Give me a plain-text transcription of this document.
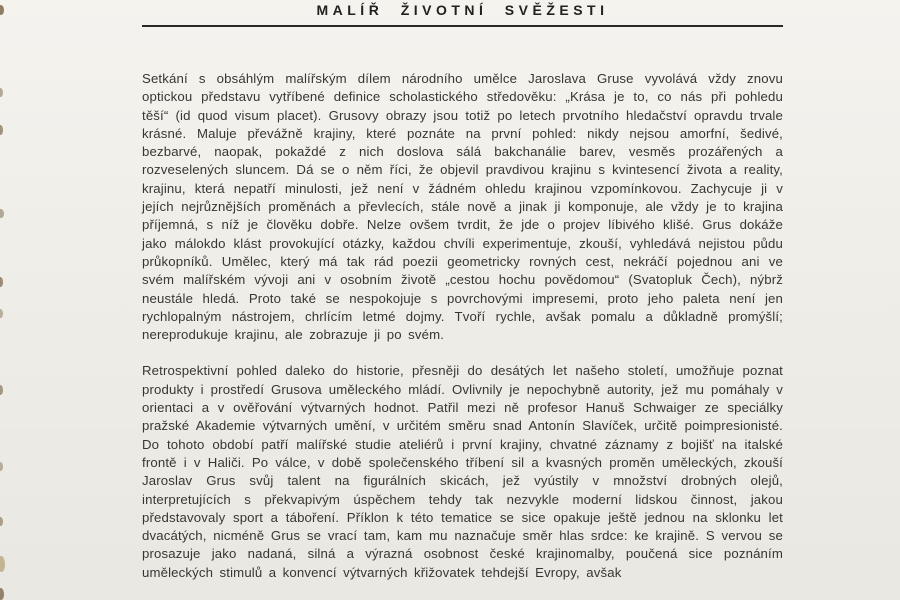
MALÍŘ ŽIVOTNÍ SVĚŽESTI

Setkání s obsáhlým malířským dílem národního umělce Jaroslava Gruse vyvolává vždy znovu optickou představu vytříbené definice scholastického středověku: „Krása je to, co nás při pohledu těší“ (id quod visum placet). Grusovy obrazy jsou totiž po letech prvotního hledačství opravdu trvale krásné. Maluje převážně krajiny, které poznáte na první pohled: nikdy nejsou amorfní, šedivé, bezbarvé, naopak, pokaždé z nich doslova sálá bakchanálie barev, vesměs prozářených a rozveselených sluncem. Dá se o něm říci, že objevil pravdivou krajinu s kvintesencí života a reality, krajinu, která nepatří minulosti, jež není v žádném ohledu krajinou vzpomínkovou. Zachycuje ji v jejích nejrůznějších proměnách a převlecích, stále nově a jinak ji komponuje, ale vždy je to krajina příjemná, s níž je člověku dobře. Nelze ovšem tvrdit, že jde o projev líbivého klišé. Grus dokáže jako málokdo klást provokující otázky, každou chvíli experimentuje, zkouší, vyhledává nejistou půdu průkopníků. Umělec, který má tak rád poezii geometricky rovných cest, nekráčí pojednou ani ve svém malířském vývoji ani v osobním životě „cestou hochu povědomou“ (Svatopluk Čech), nýbrž neustále hledá. Proto také se nespokojuje s povrchovými impresemi, proto jeho paleta není jen rychlopalným nástrojem, chrlícím letmé dojmy. Tvoří rychle, avšak pomalu a důkladně promýšlí; nereprodukuje krajinu, ale zobrazuje ji po svém.

Retrospektivní pohled daleko do historie, přesněji do desátých let našeho století, umožňuje poznat produkty i prostředí Grusova uměleckého mládí. Ovlivnily je nepochybně autority, jež mu pomáhaly v orientaci a v ověřování výtvarných hodnot. Patřil mezi ně profesor Hanuš Schwaiger ze speciálky pražské Akademie výtvarných umění, v určitém směru snad Antonín Slavíček, určitě poimpresionisté. Do tohoto období patří malířské studie ateliérů i první krajiny, chvatné záznamy z bojišť na italské frontě i v Haliči. Po válce, v době společenského tříbení sil a kvasných proměn uměleckých, zkouší Jaroslav Grus svůj talent na figurálních skicách, jež vyústily v množství drobných olejů, interpretujících s překvapivým úspěchem tehdy tak nezvykle moderní lidskou činnost, jakou představovaly sport a táboření. Příklon k této tematice se sice opakuje ještě jednou na sklonku let dvacátých, nicméně Grus se vrací tam, kam mu naznačuje směr hlas srdce: ke krajině. S vervou se prosazuje jako nadaná, silná a výrazná osobnost české krajinomalby, poučená sice poznáním uměleckých stimulů a konvencí výtvarných křižovatek tehdejší Evropy, avšak
